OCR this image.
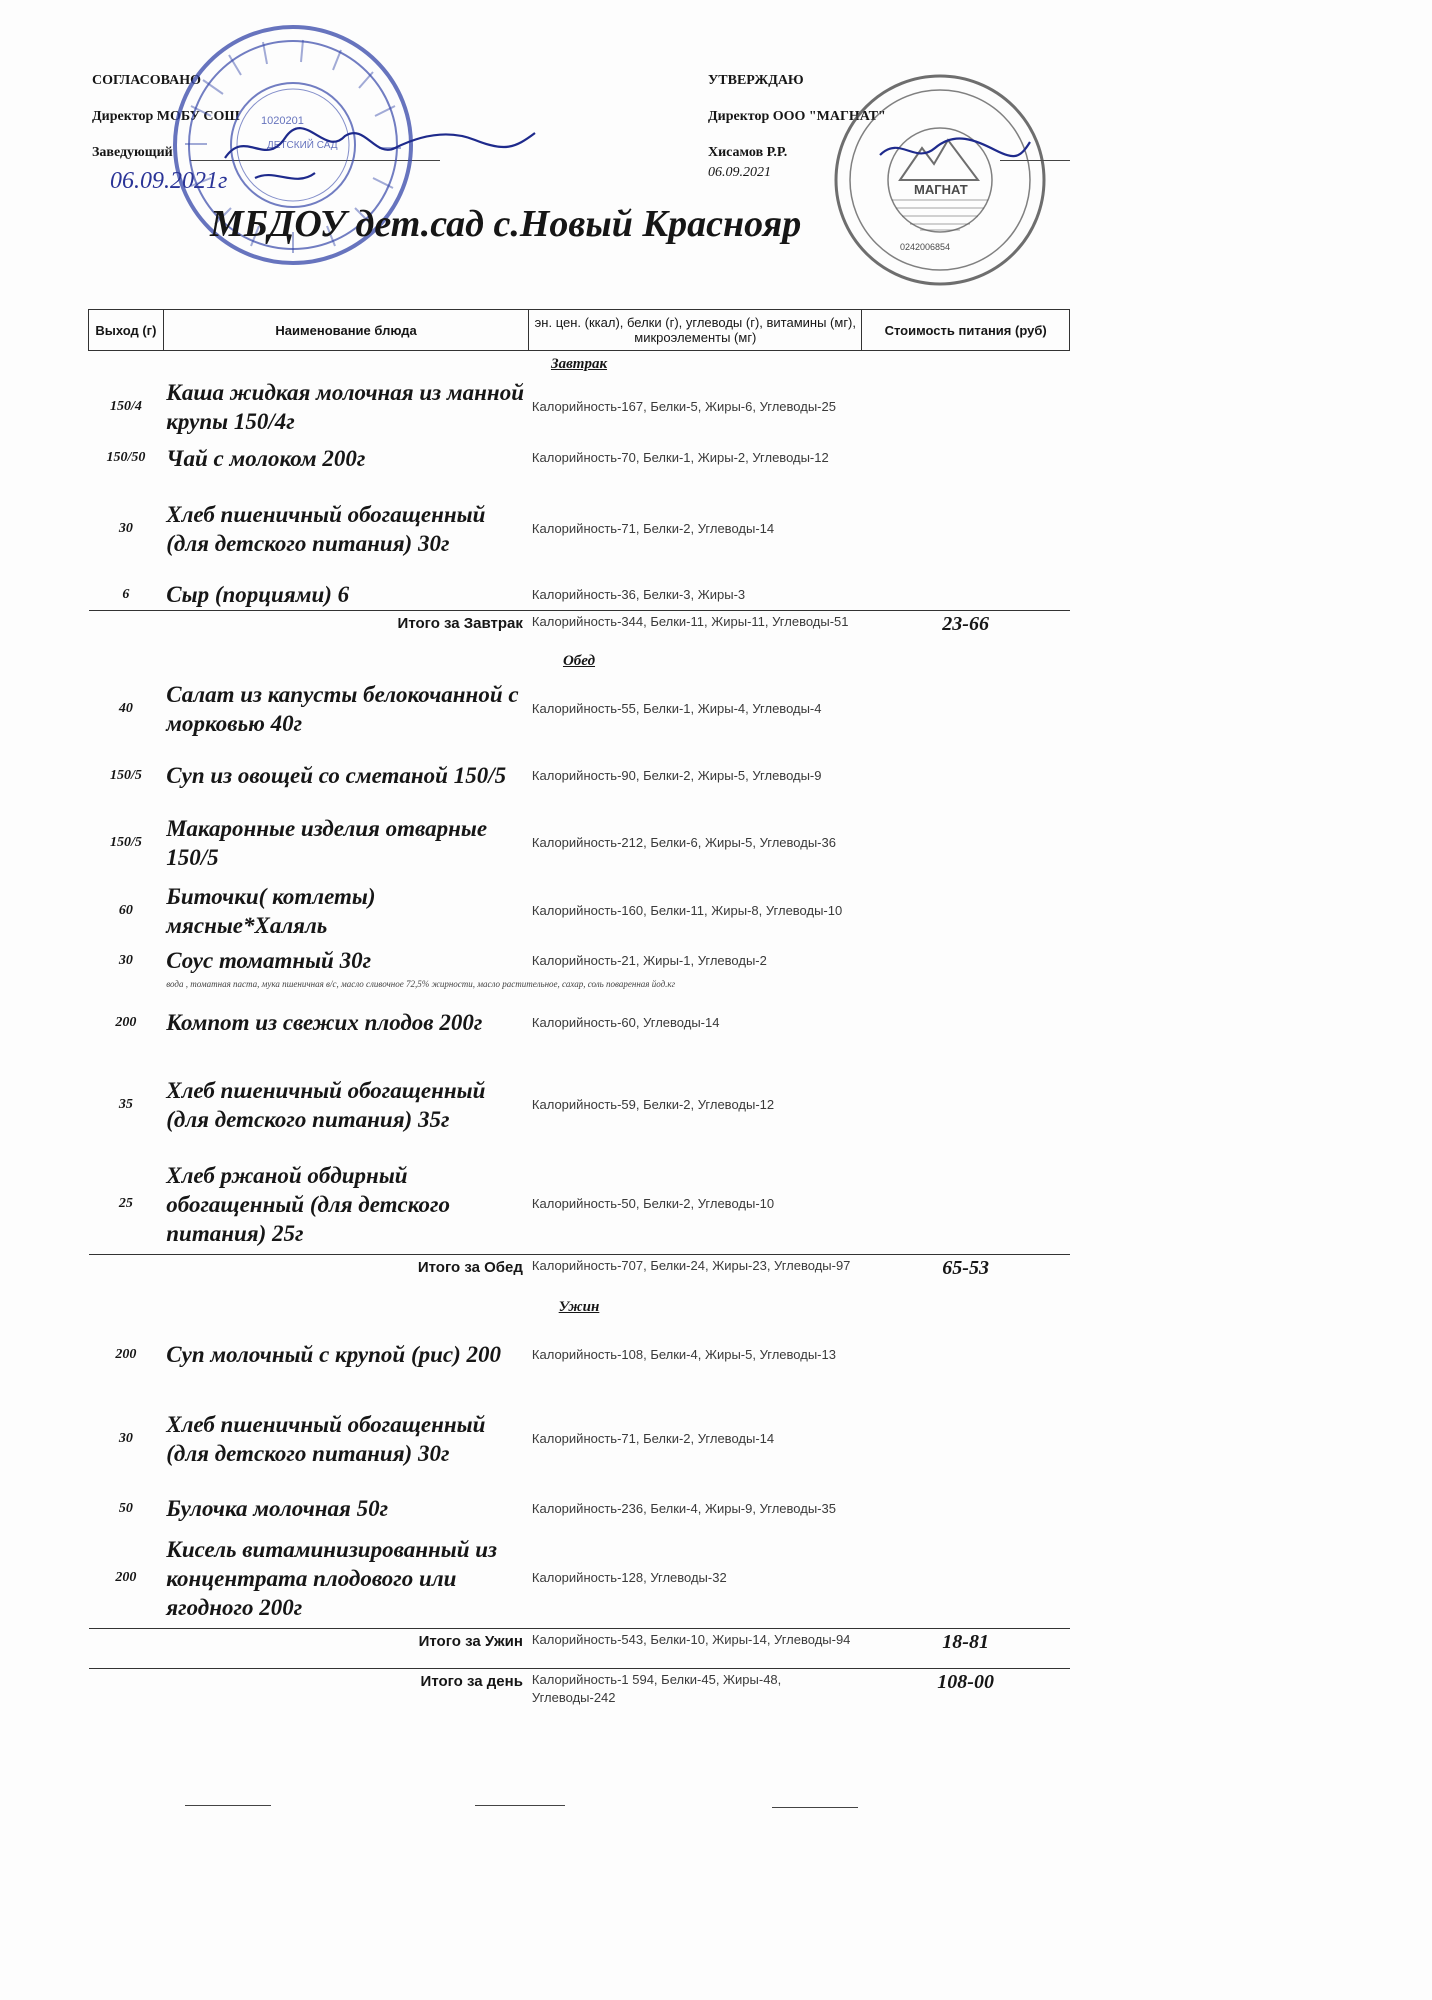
СОГЛАСОВАНО
Директор МОБУ СОШ
Заведующий
УТВЕРЖДАЮ
Директор ООО "МАГНАТ"
Хисамов Р.Р.
06.09.2021
1020201
ДЕТСКИЙ САД
06.09.2021г	МАГНАТ
0242006854
МБДОУ дет.сад с.Новый Краснояр
Выход (г)	Наименование блюда	эн. цен. (ккал), белки (г), углеводы (г), витамины (мг), микроэлементы (мг)	Стоимость питания (руб)
Завтрак			
150/4	Каша жидкая молочная из манной крупы 150/4г	Калорийность-167, Белки-5, Жиры-6, Углеводы-25	
150/50	Чай с молоком 200г	Калорийность-70, Белки-1, Жиры-2, Углеводы-12	
30	Хлеб пшеничный обогащенный (для детского питания) 30г	Калорийность-71, Белки-2, Углеводы-14	
6	Сыр (порциями) 6	Калорийность-36, Белки-3, Жиры-3	
Итого за Завтрак		Калорийность-344, Белки-11, Жиры-11, Углеводы-51	23-66
Обед			
40	Салат из капусты белокочанной с морковью 40г	Калорийность-55, Белки-1, Жиры-4, Углеводы-4	
150/5	Суп из овощей со сметаной 150/5	Калорийность-90, Белки-2, Жиры-5, Углеводы-9	
150/5	Макаронные изделия отварные 150/5	Калорийность-212, Белки-6, Жиры-5, Углеводы-36	
60	Биточки( котлеты) мясные*Халяль	Калорийность-160, Белки-11, Жиры-8, Углеводы-10	
30	Соус томатный 30г	Калорийность-21, Жиры-1, Углеводы-2	
	вода , томатная паста, мука пшеничная в/с, масло сливочное 72,5% жирности, масло растительное, сахар, соль поваренная йод.кг		
200	Компот из свежих плодов 200г	Калорийность-60, Углеводы-14	
35	Хлеб пшеничный обогащенный (для детского питания) 35г	Калорийность-59, Белки-2, Углеводы-12	
25	Хлеб ржаной обдирный обогащенный (для детского питания) 25г	Калорийность-50, Белки-2, Углеводы-10	
Итого за Обед		Калорийность-707, Белки-24, Жиры-23, Углеводы-97	65-53
Ужин			
200	Суп молочный с крупой (рис) 200	Калорийность-108, Белки-4, Жиры-5, Углеводы-13	
30	Хлеб пшеничный обогащенный (для детского питания) 30г	Калорийность-71, Белки-2, Углеводы-14	
50	Булочка молочная 50г	Калорийность-236, Белки-4, Жиры-9, Углеводы-35	
200	Кисель витаминизированный из концентрата плодового или ягодного 200г	Калорийность-128, Углеводы-32	
Итого за Ужин		Калорийность-543, Белки-10, Жиры-14, Углеводы-94	18-81
Итого за день		Калорийность-1 594, Белки-45, Жиры-48, Углеводы-242	108-00
